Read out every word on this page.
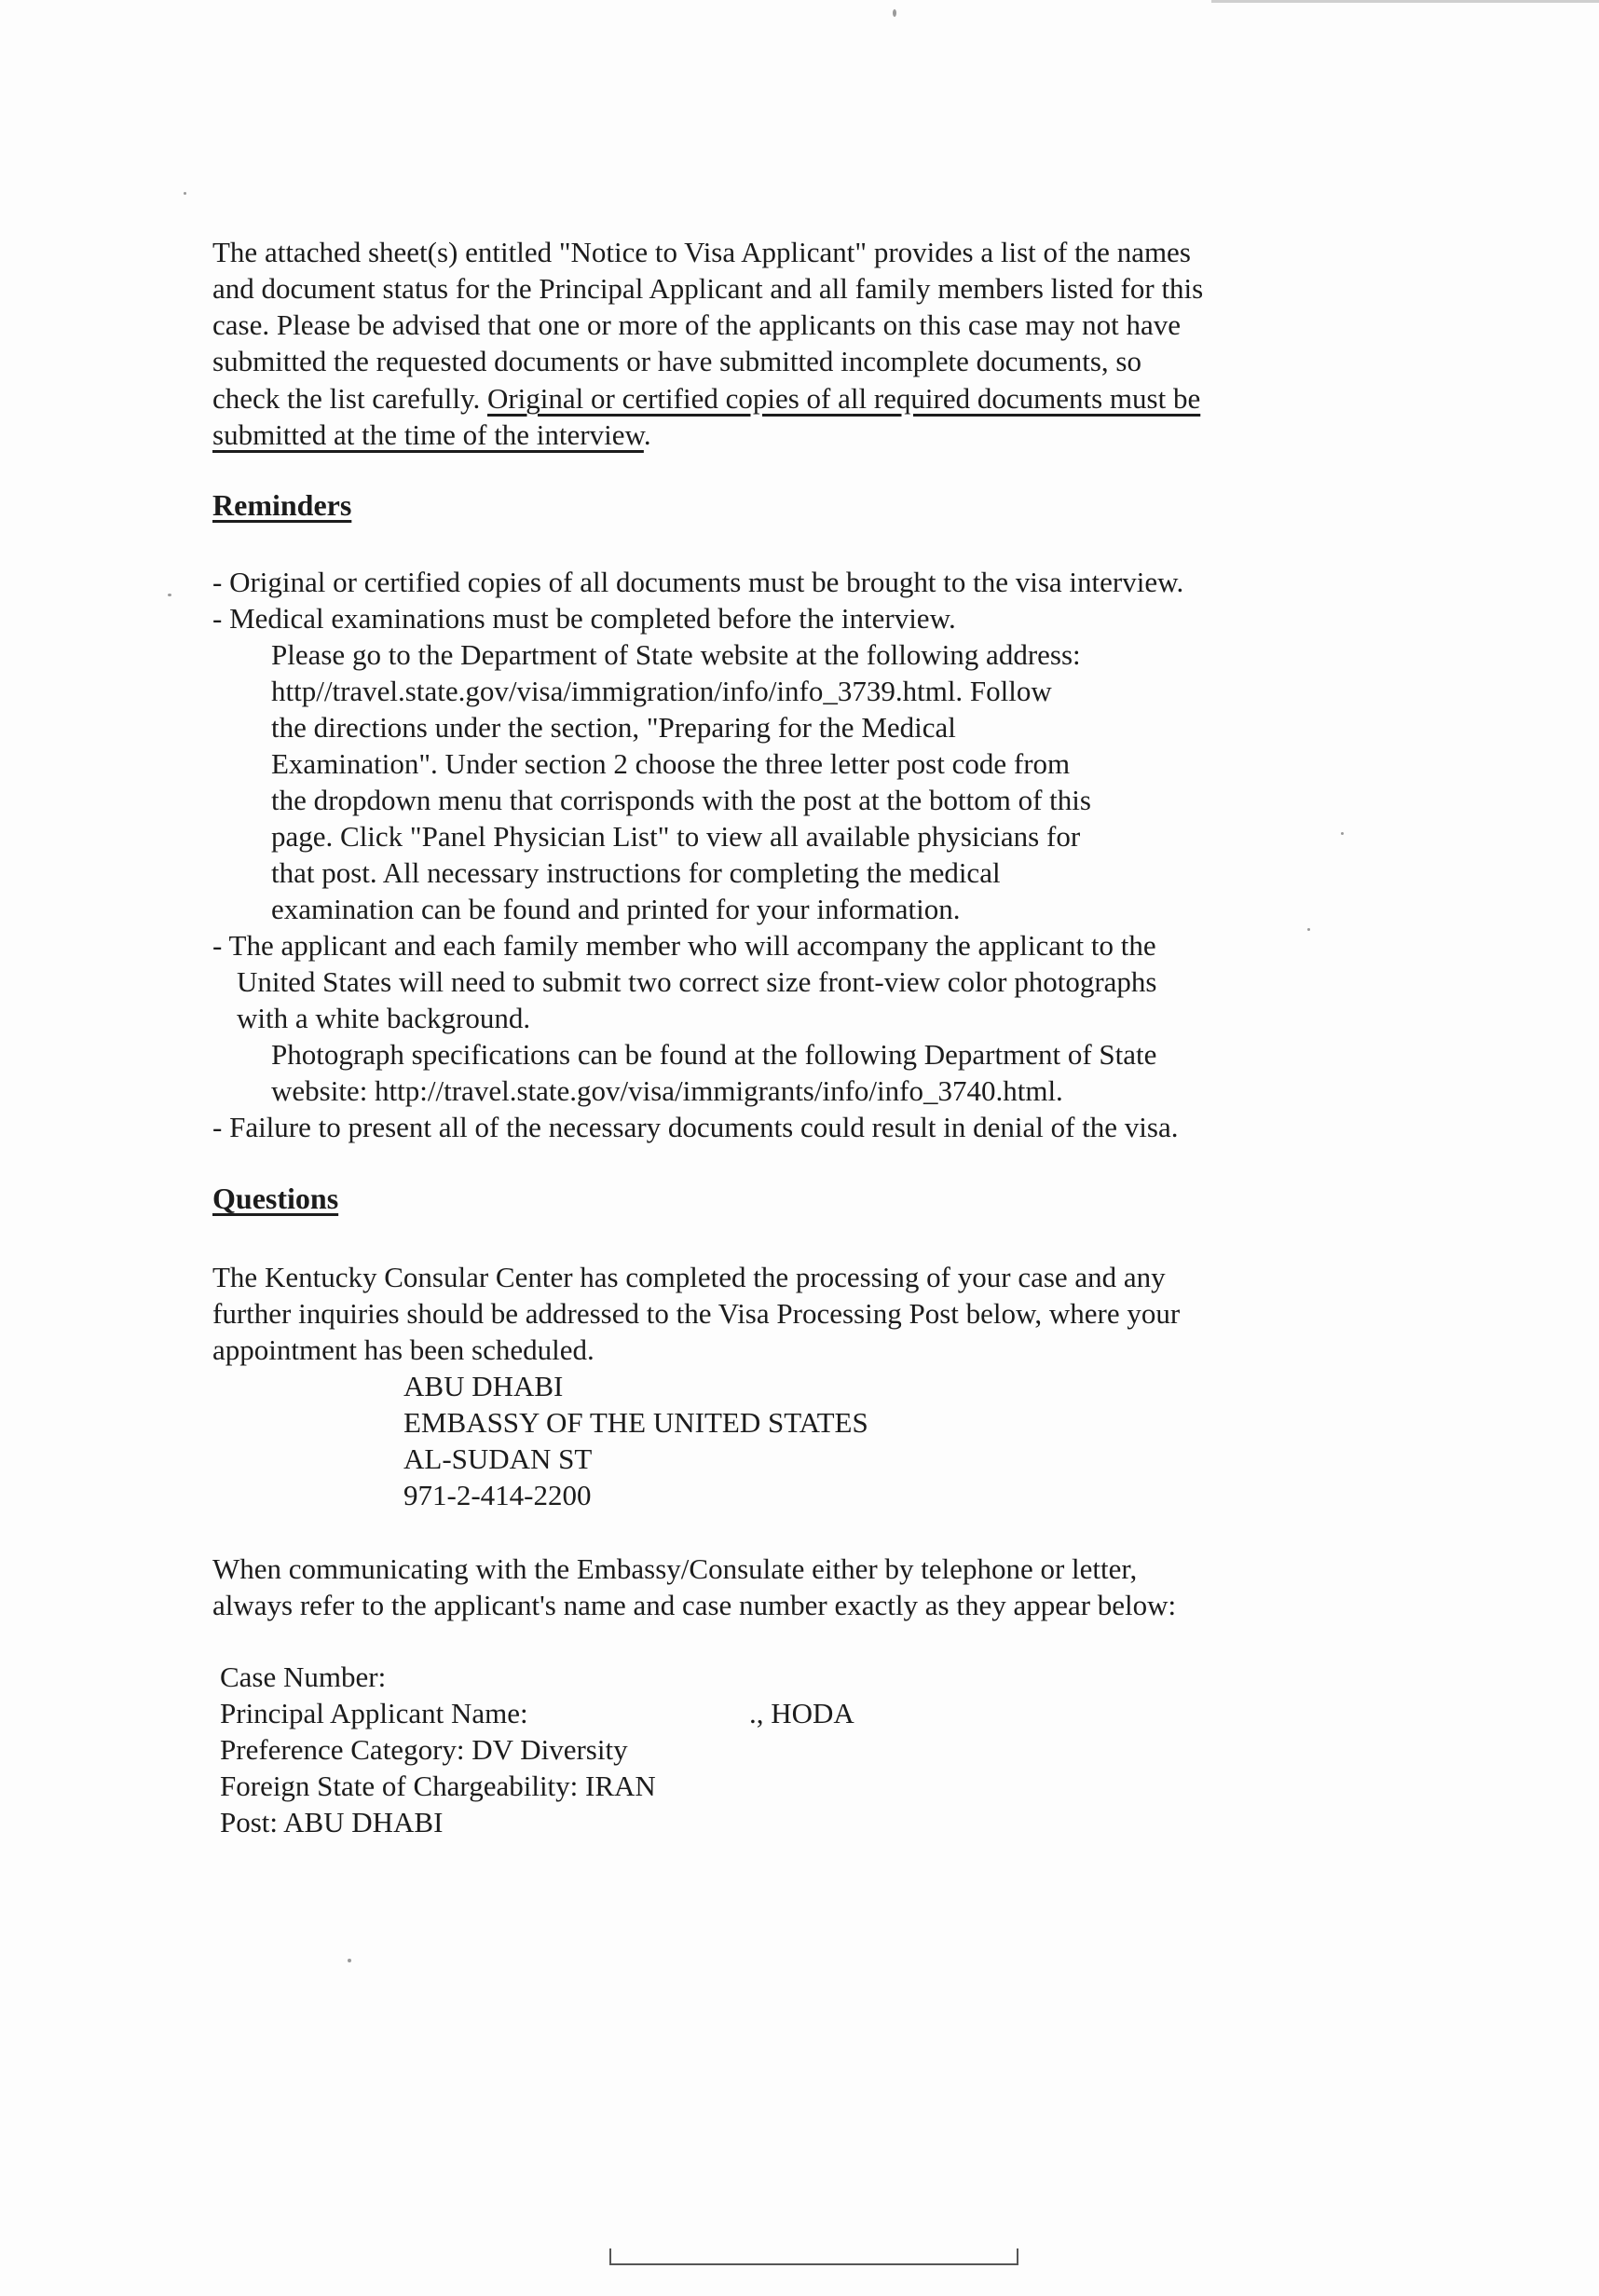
The attached sheet(s) entitled "Notice to Visa Applicant" provides a list of the names
and document status for the Principal Applicant and all family members listed for this
case. Please be advised that one or more of the applicants on this case may not have
submitted the requested documents or have submitted incomplete documents, so
check the list carefully. Original or certified copies of all required documents must be
submitted at the time of the interview.
Reminders
- Original or certified copies of all documents must be brought to the visa interview.
- Medical examinations must be completed before the interview.
Please go to the Department of State website at the following address:
http//travel.state.gov/visa/immigration/info/info_3739.html. Follow
the directions under the section, "Preparing for the Medical
Examination". Under section 2 choose the three letter post code from
the dropdown menu that corrisponds with the post at the bottom of this
page. Click "Panel Physician List" to view all available physicians for
that post. All necessary instructions for completing the medical
examination can be found and printed for your information.
- The applicant and each family member who will accompany the applicant to the
United States will need to submit two correct size front-view color photographs
with a white background.
Photograph specifications can be found at the following Department of State
website: http://travel.state.gov/visa/immigrants/info/info_3740.html.
- Failure to present all of the necessary documents could result in denial of the visa.
Questions
The Kentucky Consular Center has completed the processing of your case and any
further inquiries should be addressed to the Visa Processing Post below, where your
appointment has been scheduled.
ABU DHABI
EMBASSY OF THE UNITED STATES
AL-SUDAN ST
971-2-414-2200
When communicating with the Embassy/Consulate either by telephone or letter,
always refer to the applicant's name and case number exactly as they appear below:
Case Number:
Principal Applicant Name:	., HODA
Preference Category: DV Diversity
Foreign State of Chargeability: IRAN
Post: ABU DHABI
